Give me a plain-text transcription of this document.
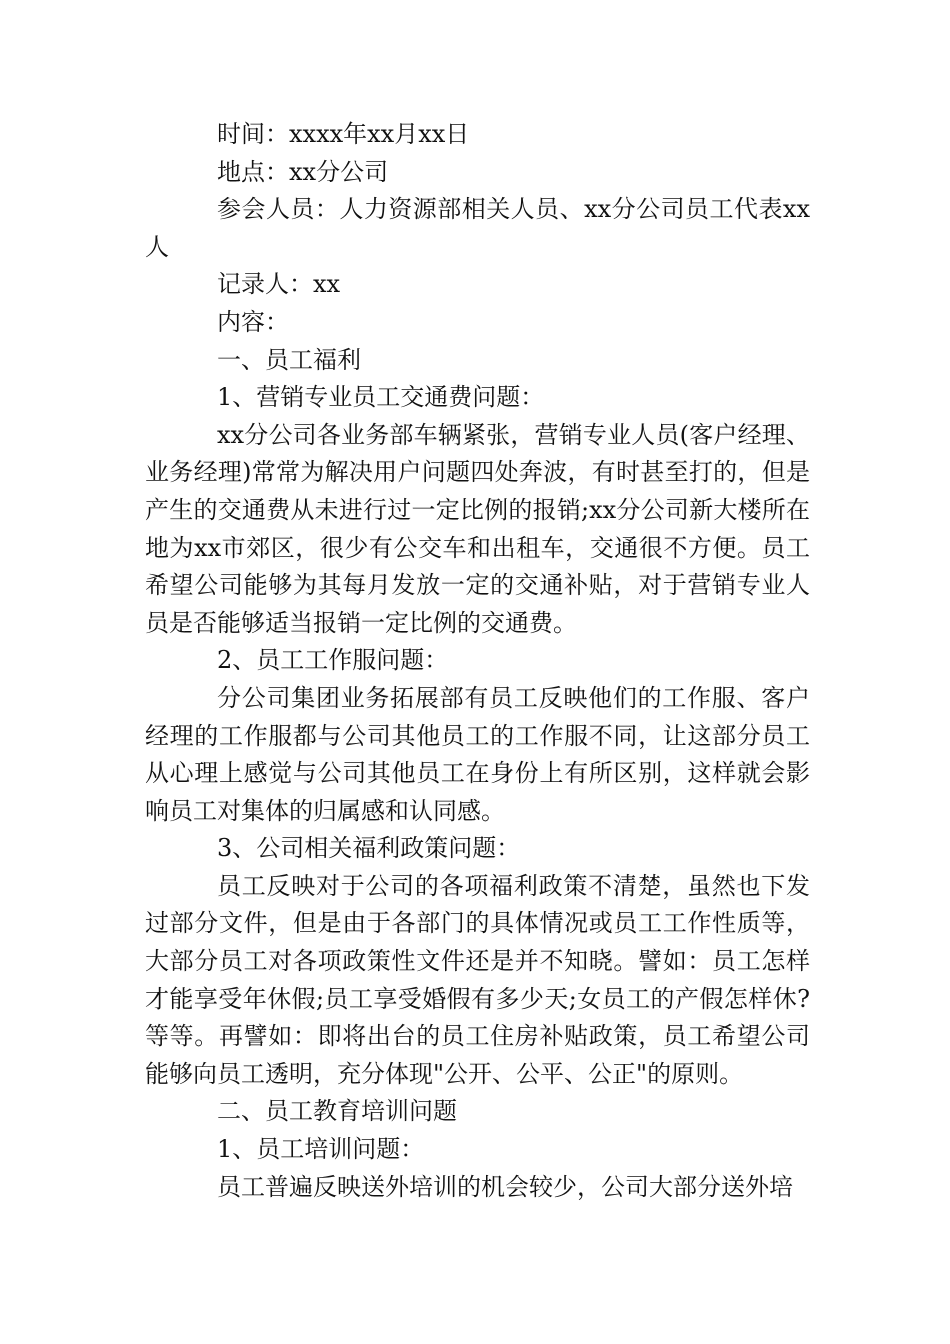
时间：xxxx年xx月xx日

地点：xx分公司

参会人员：人力资源部相关人员、xx分公司员工代表xx人

记录人：xx

内容：

一、员工福利

1、营销专业员工交通费问题：

xx分公司各业务部车辆紧张，营销专业人员(客户经理、业务经理)常常为解决用户问题四处奔波，有时甚至打的，但是产生的交通费从未进行过一定比例的报销;xx分公司新大楼所在地为xx市郊区，很少有公交车和出租车，交通很不方便。员工希望公司能够为其每月发放一定的交通补贴，对于营销专业人员是否能够适当报销一定比例的交通费。

2、员工工作服问题：

分公司集团业务拓展部有员工反映他们的工作服、客户经理的工作服都与公司其他员工的工作服不同，让这部分员工从心理上感觉与公司其他员工在身份上有所区别，这样就会影响员工对集体的归属感和认同感。

3、公司相关福利政策问题：

员工反映对于公司的各项福利政策不清楚，虽然也下发过部分文件，但是由于各部门的具体情况或员工工作性质等，大部分员工对各项政策性文件还是并不知晓。譬如：员工怎样才能享受年休假;员工享受婚假有多少天;女员工的产假怎样休?等等。再譬如：即将出台的员工住房补贴政策，员工希望公司能够向员工透明，充分体现"公开、公平、公正"的原则。

二、员工教育培训问题

1、员工培训问题：

员工普遍反映送外培训的机会较少，公司大部分送外培
